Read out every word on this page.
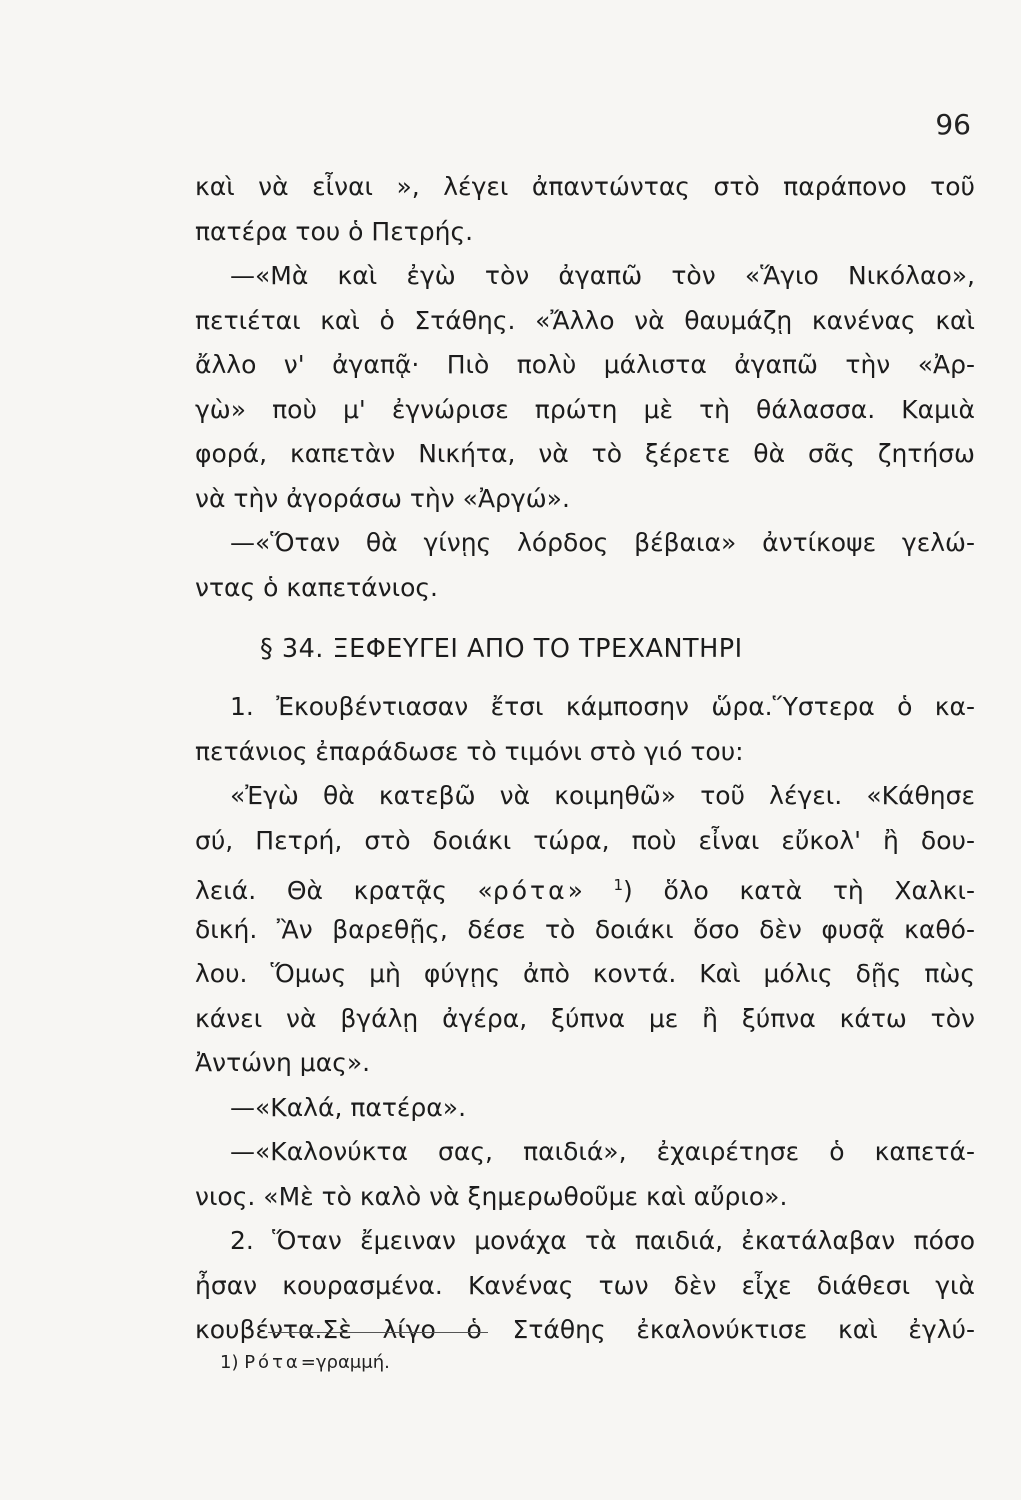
96
καὶ νὰ εἶναι », λέγει ἀπαντώντας στὸ παράπονο τοῦ
πατέρα του ὁ Πετρής.
—«Μὰ καὶ ἐγὼ τὸν ἀγαπῶ τὸν «Ἅγιο Νικόλαο»,
πετιέται καὶ ὁ Στάθης. «Ἄλλο νὰ θαυμάζῃ κανένας καὶ
ἄλλο ν' ἀγαπᾷ· Πιὸ πολὺ μάλιστα ἀγαπῶ τὴν «Ἀρ-
γὼ» ποὺ μ' ἐγνώρισε πρώτη μὲ τὴ θάλασσα. Καμιὰ
φορά, καπετὰν Νικήτα, νὰ τὸ ξέρετε θὰ σᾶς ζητήσω
νὰ τὴν ἀγοράσω τὴν «Ἀργώ».
—«Ὅταν θὰ γίνῃς λόρδος βέβαια» ἀντίκοψε γελώ-
ντας ὁ καπετάνιος.
§ 34. ΞΕΦΕΥΓΕΙ ΑΠΟ ΤΟ ΤΡΕΧΑΝΤΗΡΙ
1. Ἐκουβέντιασαν ἔτσι κάμποσην ὥρα.Ὕστερα ὁ κα-
πετάνιος ἐπαράδωσε τὸ τιμόνι στὸ γιό του:
«Ἐγὼ θὰ κατεβῶ νὰ κοιμηθῶ» τοῦ λέγει. «Κάθησε
σύ, Πετρή, στὸ δοιάκι τώρα, ποὺ εἶναι εὔκολ' ἢ δου-
λειά. Θὰ κρατᾷς «ρότα» $^1$) ὅλο κατὰ τὴ Χαλκι-
δική. Ἂν βαρεθῇς, δέσε τὸ δοιάκι ὅσο δὲν φυσᾷ καθό-
λου. Ὅμως μὴ φύγῃς ἀπὸ κοντά. Καὶ μόλις δῇς πὼς
κάνει νὰ βγάλῃ ἀγέρα, ξύπνα με ἢ ξύπνα κάτω τὸν
Ἀντώνη μας».
—«Καλά, πατέρα».
—«Καλονύκτα σας, παιδιά», ἐχαιρέτησε ὁ καπετά-
νιος. «Μὲ τὸ καλὸ νὰ ξημερωθοῦμε καὶ αὔριο».
2. Ὅταν ἔμειναν μονάχα τὰ παιδιά, ἐκατάλαβαν πόσο
ἦσαν κουρασμένα. Κανένας των δὲν εἶχε διάθεσι γιὰ
κουβέντα.Σὲ λίγο ὁ Στάθης ἐκαλονύκτισε καὶ ἐγλύ-
1) Ρότα=γραμμή.
